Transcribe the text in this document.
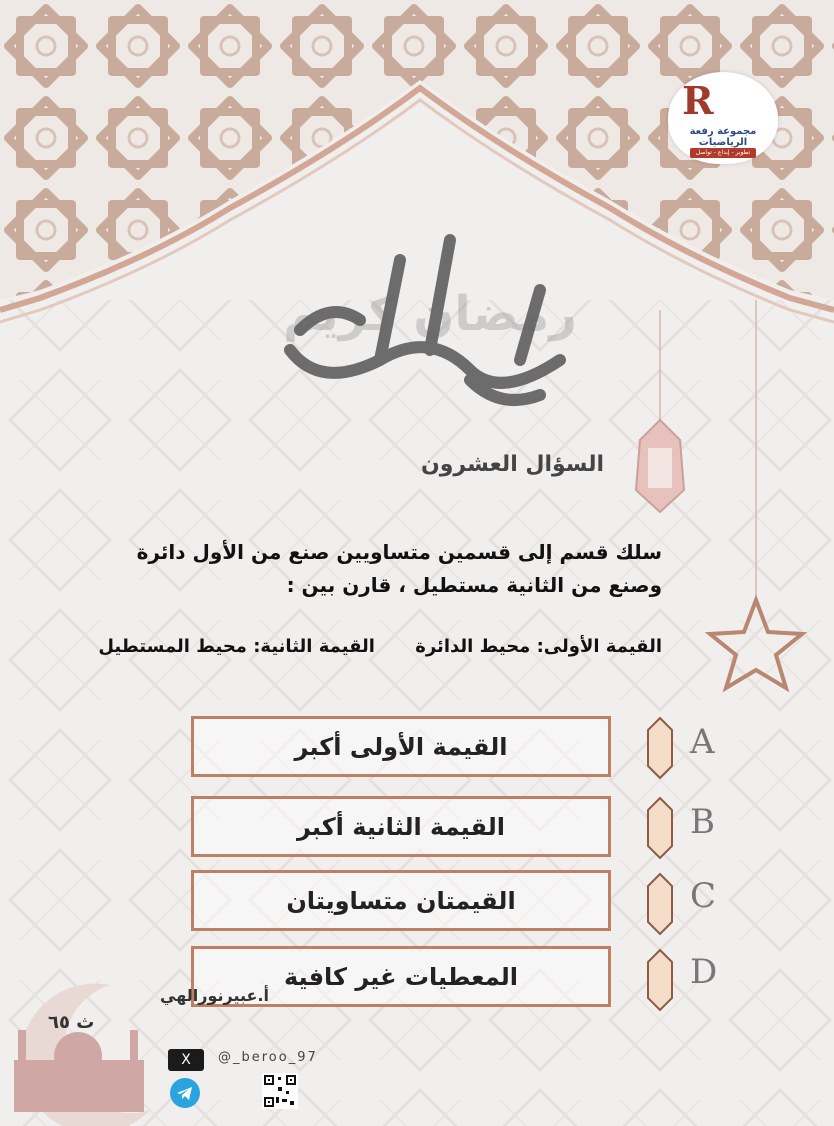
رمضان كريم
R
مجموعة رفعة الرياضيات
تطوير - إبداع - تواصل
السؤال العشرون
سلك قسم إلى قسمين متساويين صنع من الأول دائرة
وصنع من الثانية مستطيل ، قارن بين :
القيمة الأولى: محيط الدائرة القيمة الثانية: محيط المستطيل
القيمة الأولى أكبر	A
القيمة الثانية أكبر	B
القيمتان متساويتان	C
المعطيات غير كافية	D
أ.عبيرنورالهي
ث ٦٥
X	@_beroo_97
